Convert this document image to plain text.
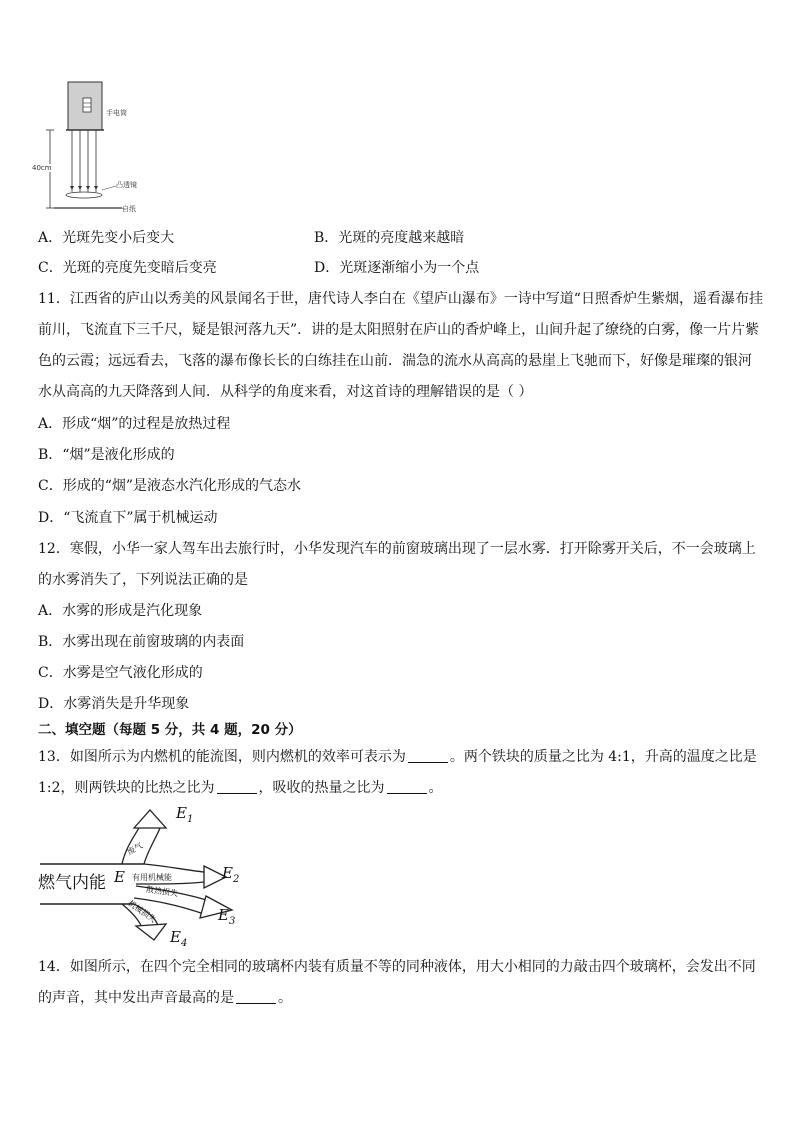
手电筒
40cm
凸透镜
白纸
A．光斑先变小后变大	B．光斑的亮度越来越暗
C．光斑的亮度先变暗后变亮	D．光斑逐渐缩小为一个点
11．江西省的庐山以秀美的风景闻名于世，唐代诗人李白在《望庐山瀑布》一诗中写道“日照香炉生紫烟，遥看瀑布挂
前川，飞流直下三千尺，疑是银河落九天”．讲的是太阳照射在庐山的香炉峰上，山间升起了缭绕的白雾，像一片片紫
色的云霞；远远看去，飞落的瀑布像长长的白练挂在山前．湍急的流水从高高的悬崖上飞驰而下，好像是璀璨的银河
水从高高的九天降落到人间．从科学的角度来看，对这首诗的理解错误的是（ ）
A．形成“烟”的过程是放热过程
B．“烟”是液化形成的
C．形成的“烟”是液态水汽化形成的气态水
D．“飞流直下”属于机械运动
12．寒假，小华一家人驾车出去旅行时，小华发现汽车的前窗玻璃出现了一层水雾．打开除雾开关后，不一会玻璃上
的水雾消失了，下列说法正确的是
A．水雾的形成是汽化现象
B．水雾出现在前窗玻璃的内表面
C．水雾是空气液化形成的
D．水雾消失是升华现象
二、填空题（每题 5 分，共 4 题，20 分）
13．如图所示为内燃机的能流图，则内燃机的效率可表示为	。两个铁块的质量之比为 4:1，升高的温度之比是
1:2，则两铁块的比热之比为	，吸收的热量之比为	。
燃气内能 E
$E_1$
$E_2$
$E_3$
$E_4$
废气
有用机械能
散热损失
机械损失
14．如图所示，在四个完全相同的玻璃杯内装有质量不等的同种液体，用大小相同的力敲击四个玻璃杯，会发出不同
的声音，其中发出声音最高的是	。
